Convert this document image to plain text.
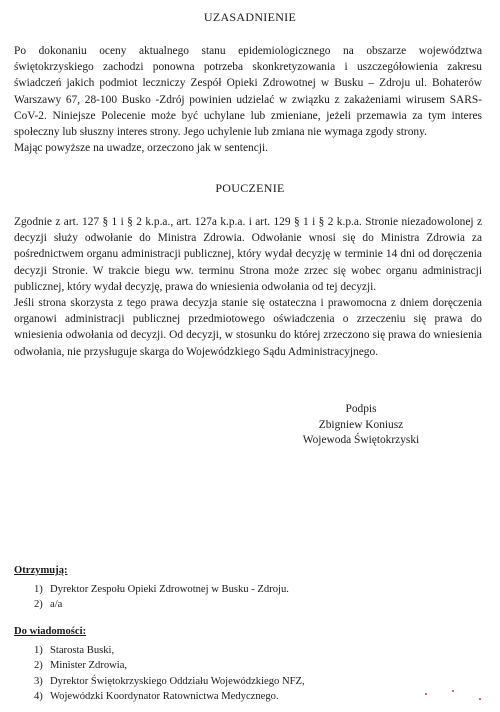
UZASADNIENIE

Po dokonaniu oceny aktualnego stanu epidemiologicznego na obszarze województwa świętokrzyskiego zachodzi ponowna potrzeba skonkretyzowania i uszczegółowienia zakresu świadczeń jakich podmiot leczniczy Zespół Opieki Zdrowotnej w Busku – Zdroju ul. Bohaterów Warszawy 67, 28-100 Busko -Zdrój powinien udzielać w związku z zakażeniami wirusem SARS-CoV-2. Niniejsze Polecenie może być uchylane lub zmieniane, jeżeli przemawia za tym interes społeczny lub słuszny interes strony. Jego uchylenie lub zmiana nie wymaga zgody strony.

Mając powyższe na uwadze, orzeczono jak w sentencji.

POUCZENIE

Zgodnie z art. 127 § 1 i § 2 k.p.a., art. 127a k.p.a. i art. 129 § 1 i § 2 k.p.a. Stronie niezadowolonej z decyzji służy odwołanie do Ministra Zdrowia. Odwołanie wnosi się do Ministra Zdrowia za pośrednictwem organu administracji publicznej, który wydał decyzję w terminie 14 dni od doręczenia decyzji Stronie. W trakcie biegu ww. terminu Strona może zrzec się wobec organu administracji publicznej, który wydał decyzję, prawa do wniesienia odwołania od tej decyzji.

Jeśli strona skorzysta z tego prawa decyzja stanie się ostateczna i prawomocna z dniem doręczenia organowi administracji publicznej przedmiotowego oświadczenia o zrzeczeniu się prawa do wniesienia odwołania od decyzji. Od decyzji, w stosunku do której zrzeczono się prawa do wniesienia odwołania, nie przysługuje skarga do Wojewódzkiego Sądu Administracyjnego.

Podpis
Zbigniew Koniusz
Wojewoda Świętokrzyski

Otrzymują:

1) Dyrektor Zespołu Opieki Zdrowotnej w Busku - Zdroju.
2) a/a

Do wiadomości:

1) Starosta Buski,
2) Minister Zdrowia,
3) Dyrektor Świętokrzyskiego Oddziału Wojewódzkiego NFZ,
4) Wojewódzki Koordynator Ratownictwa Medycznego.
